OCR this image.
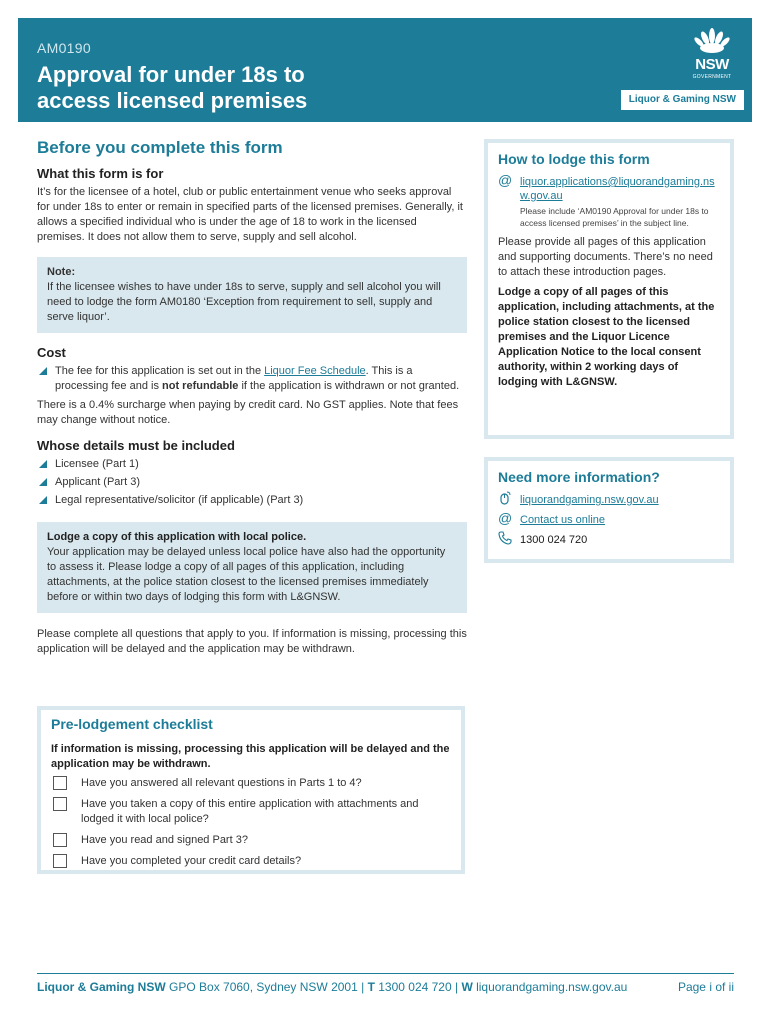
AM0190
Approval for under 18s to
access licensed premises
NSW
GOVERNMENT
Liquor & Gaming NSW
Before you complete this form
What this form is for

It’s for the licensee of a hotel, club or public entertainment venue who seeks approval for under 18s to enter or remain in specified parts of the licensed premises. Generally, it allows a specified individual who is under the age of 18 to work in the licensed premises. It does not allow them to serve, supply and sell alcohol.

Note:
If the licensee wishes to have under 18s to serve, supply and sell alcohol you will need to lodge the form AM0180 ‘Exception from requirement to sell, supply and serve liquor’.
Cost
The fee for this application is set out in the Liquor Fee Schedule. This is a processing fee and is not refundable if the application is withdrawn or not granted.

There is a 0.4% surcharge when paying by credit card. No GST applies. Note that fees may change without notice.

Whose details must be included
Licensee (Part 1)
Applicant (Part 3)
Legal representative/solicitor (if applicable) (Part 3)
Lodge a copy of this application with local police.
Your application may be delayed unless local police have also had the opportunity to assess it. Please lodge a copy of all pages of this application, including attachments, at the police station closest to the licensed premises immediately before or within two days of lodging this form with L&GNSW.

Please complete all questions that apply to you. If information is missing, processing this application will be delayed and the application may be withdrawn.

Pre-lodgement checklist
If information is missing, processing this application will be delayed and the application may be withdrawn.
Have you answered all relevant questions in Parts 1 to 4?
Have you taken a copy of this entire application with attachments and lodged it with local police?
Have you read and signed Part 3?
Have you completed your credit card details?
How to lodge this form
@ liquor.applications@liquorandgaming.nsw.gov.au
Please include ‘AM0190 Approval for under 18s to access licensed premises’ in the subject line.

Please provide all pages of this application and supporting documents. There’s no need to attach these introduction pages.

Lodge a copy of all pages of this application, including attachments, at the police station closest to the licensed premises and the Liquor Licence Application Notice to the local consent authority, within 2 working days of lodging with L&GNSW.

Need more information?
liquorandgaming.nsw.gov.au
@ Contact us online
1300 024 720
Liquor & Gaming NSW GPO Box 7060, Sydney NSW 2001 | T 1300 024 720 | W liquorandgaming.nsw.gov.au	Page i of ii
